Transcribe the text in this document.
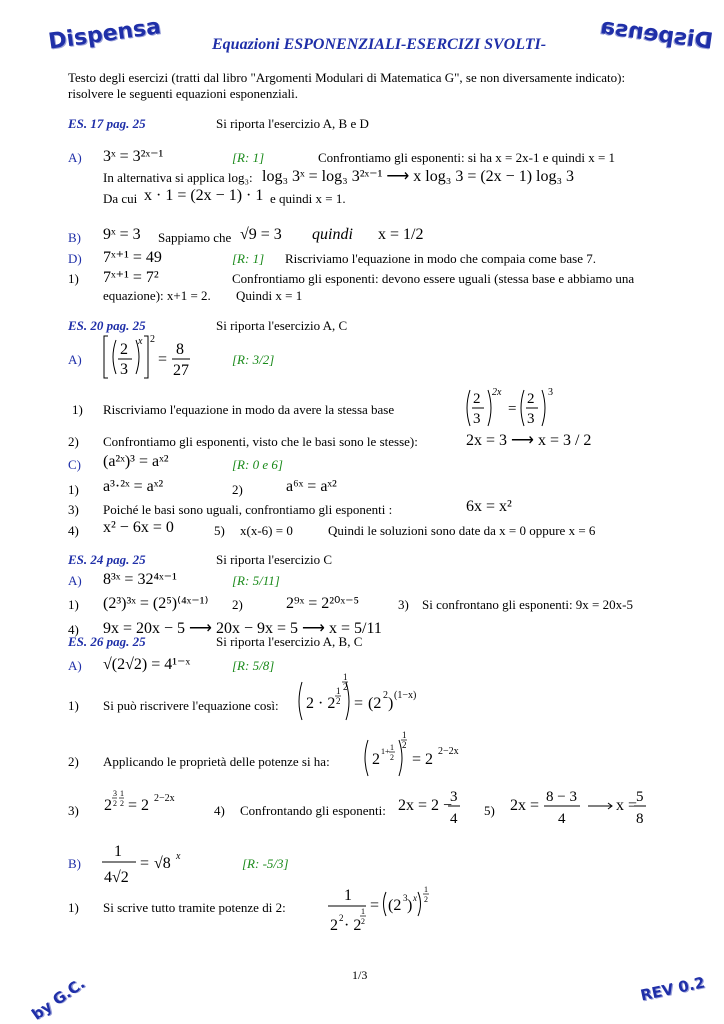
Dispensa	Dispensa
Equazioni ESPONENZIALI-ESERCIZI SVOLTI-
Testo degli esercizi (tratti dal libro "Argomenti Modulari di Matematica G", se non diversamente indicato): risolvere le seguenti equazioni esponenziali.
ES. 17 pag. 25	Si riporta l'esercizio A, B e D
A) 3ˣ = 3²ˣ⁻¹	[R: 1]	Confrontiamo gli esponenti: si ha x = 2x-1 e quindi x = 1
In alternativa si applica log₃: log₃ 3ˣ = log₃ 3²ˣ⁻¹ ⟶ x log₃ 3 = (2x − 1) log₃ 3
Da cui x · 1 = (2x − 1) · 1 e quindi x = 1.
B) 9ˣ = 3 Sappiamo che √9 = 3 quindi x = 1/2
D) 7ˣ⁺¹ = 49	[R: 1] Riscriviamo l'equazione in modo che compaia come base 7.
1) 7ˣ⁺¹ = 7²	Confrontiamo gli esponenti: devono essere uguali (stessa base e abbiamo una
equazione): x+1 = 2. Quindi x = 1
ES. 20 pag. 25	Si riporta l'esercizio A, C
A)
2
3
x 2
=
8
27
[R: 3/2]
1) Riscriviamo l'equazione in modo da avere la stessa base
2
3
2x
=
2
3
3
2) Confrontiamo gli esponenti, visto che le basi sono le stesse):	2x = 3 ⟶ x = 3 / 2
C) (a²ˣ)³ = aˣ²	[R: 0 e 6]
1) a³·²ˣ = aˣ²	2)	a⁶ˣ = aˣ²
3) Poiché le basi sono uguali, confrontiamo gli esponenti :	6x = x²
4) x² − 6x = 0	5) x(x-6) = 0	Quindi le soluzioni sono date da x = 0 oppure x = 6
ES. 24 pag. 25	Si riporta l'esercizio C
A) 8³ˣ = 32⁴ˣ⁻¹	[R: 5/11]
1) (2³)³ˣ = (2⁵)⁽⁴ˣ⁻¹⁾ 2)	2⁹ˣ = 2²⁰ˣ⁻⁵	3) Si confrontano gli esponenti: 9x = 20x-5
4) 9x = 20x − 5 ⟶ 20x − 9x = 5 ⟶ x = 5/11
ES. 26 pag. 25	Si riporta l'esercizio A, B, C
A) √(2√2) = 4¹⁻ˣ	[R: 5/8]
1) Si può riscrivere l'equazione così: 2 · 2
1
2
1
2
= (2 2 ) (1−x)
2) Applicando le proprietà delle potenze si ha:	2 1+ 1
2
1
2
= 2 2−2x
3) 2
3
2
1
2 = 2 2−2x
4) Confrontando gli esponenti: 2x = 2 −
3
4
5) 2x = 8 − 3
4
x =
5
8
B)
1
4√2
= √8 x	[R: -5/3]
1) Si scrive tutto tramite potenze di 2:
1
2 2 · 2
1
2
= (2 3 ) x
1
2
1/3
by G.C.	REV 0.2
